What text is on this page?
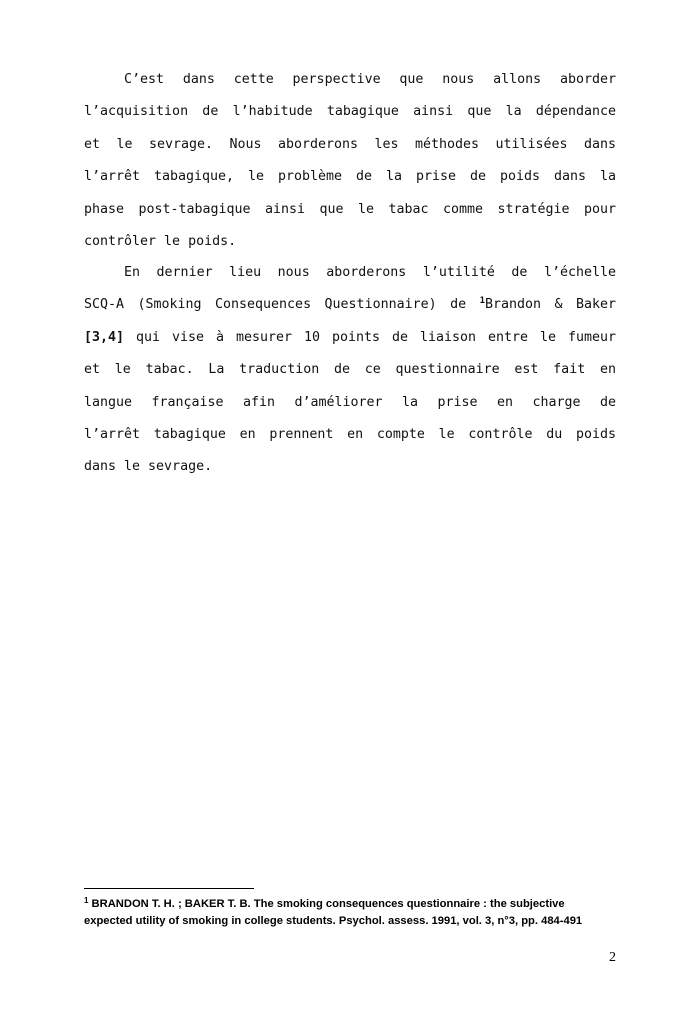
C’est dans cette perspective que nous allons aborder
l’acquisition de l’habitude tabagique ainsi que la dépendance
et le sevrage. Nous aborderons les méthodes utilisées dans
l’arrêt tabagique, le problème de la prise de poids dans la
phase post-tabagique ainsi que le tabac comme stratégie pour
contrôler le poids.
En dernier lieu nous aborderons l’utilité de l’échelle
SCQ-A (Smoking Consequences Questionnaire) de $^1$Brandon & Baker
[3,4] qui vise à mesurer 10 points de liaison entre le fumeur
et le tabac. La traduction de ce questionnaire est fait en
langue française afin d’améliorer la prise en charge de
l’arrêt tabagique en prennent en compte le contrôle du poids
dans le sevrage.
$^1$ BRANDON T. H. ; BAKER T. B. The smoking consequences questionnaire : the subjective
expected utility of smoking in college students. Psychol. assess. 1991, vol. 3, n°3, pp. 484-491
2
